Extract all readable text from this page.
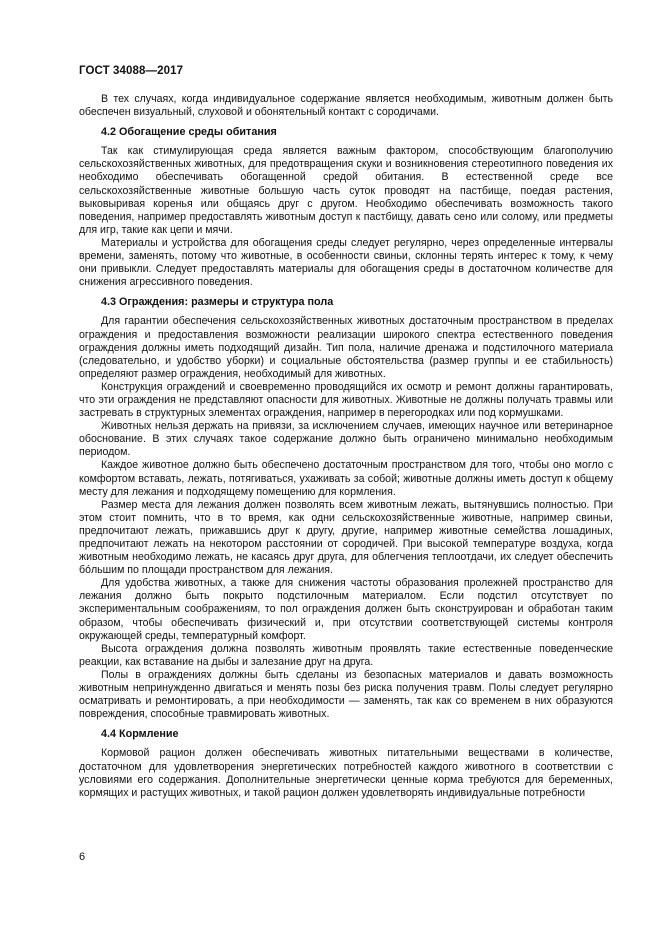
ГОСТ 34088—2017

В тех случаях, когда индивидуальное содержание является необходимым, животным должен быть обеспечен визуальный, слуховой и обонятельный контакт с сородичами.

4.2 Обогащение среды обитания

Так как стимулирующая среда является важным фактором, способствующим благополучию сельскохозяйственных животных, для предотвращения скуки и возникновения стереотипного поведения их необходимо обеспечивать обогащенной средой обитания. В естественной среде все сельскохозяйственные животные большую часть суток проводят на пастбище, поедая растения, выковыривая коренья или общаясь друг с другом. Необходимо обеспечивать возможность такого поведения, например предоставлять животным доступ к пастбищу, давать сено или солому, или предметы для игр, такие как цепи и мячи.

Материалы и устройства для обогащения среды следует регулярно, через определенные интервалы времени, заменять, потому что животные, в особенности свиньи, склонны терять интерес к тому, к чему они привыкли. Следует предоставлять материалы для обогащения среды в достаточном количестве для снижения агрессивного поведения.

4.3 Ограждения: размеры и структура пола

Для гарантии обеспечения сельскохозяйственных животных достаточным пространством в пределах ограждения и предоставления возможности реализации широкого спектра естественного поведения ограждения должны иметь подходящий дизайн. Тип пола, наличие дренажа и подстилочного материала (следовательно, и удобство уборки) и социальные обстоятельства (размер группы и ее стабильность) определяют размер ограждения, необходимый для животных.

Конструкция ограждений и своевременно проводящийся их осмотр и ремонт должны гарантировать, что эти ограждения не представляют опасности для животных. Животные не должны получать травмы или застревать в структурных элементах ограждения, например в перегородках или под кормушками.

Животных нельзя держать на привязи, за исключением случаев, имеющих научное или ветеринарное обоснование. В этих случаях такое содержание должно быть ограничено минимально необходимым периодом.

Каждое животное должно быть обеспечено достаточным пространством для того, чтобы оно могло с комфортом вставать, лежать, потягиваться, ухаживать за собой; животные должны иметь доступ к общему месту для лежания и подходящему помещению для кормления.

Размер места для лежания должен позволять всем животным лежать, вытянувшись полностью. При этом стоит помнить, что в то время, как одни сельскохозяйственные животные, например свиньи, предпочитают лежать, прижавшись друг к другу, другие, например животные семейства лошадиных, предпочитают лежать на некотором расстоянии от сородичей. При высокой температуре воздуха, когда животным необходимо лежать, не касаясь друг друга, для облегчения теплоотдачи, их следует обеспечить бóльшим по площади пространством для лежания.

Для удобства животных, а также для снижения частоты образования пролежней пространство для лежания должно быть покрыто подстилочным материалом. Если подстил отсутствует по экспериментальным соображениям, то пол ограждения должен быть сконструирован и обработан таким образом, чтобы обеспечивать физический и, при отсутствии соответствующей системы контроля окружающей среды, температурный комфорт.

Высота ограждения должна позволять животным проявлять такие естественные поведенческие реакции, как вставание на дыбы и залезание друг на друга.

Полы в ограждениях должны быть сделаны из безопасных материалов и давать возможность животным непринужденно двигаться и менять позы без риска получения травм. Полы следует регулярно осматривать и ремонтировать, а при необходимости — заменять, так как со временем в них образуются повреждения, способные травмировать животных.

4.4 Кормление

Кормовой рацион должен обеспечивать животных питательными веществами в количестве, достаточном для удовлетворения энергетических потребностей каждого животного в соответствии с условиями его содержания. Дополнительные энергетически ценные корма требуются для беременных, кормящих и растущих животных, и такой рацион должен удовлетворять индивидуальные потребности

6
